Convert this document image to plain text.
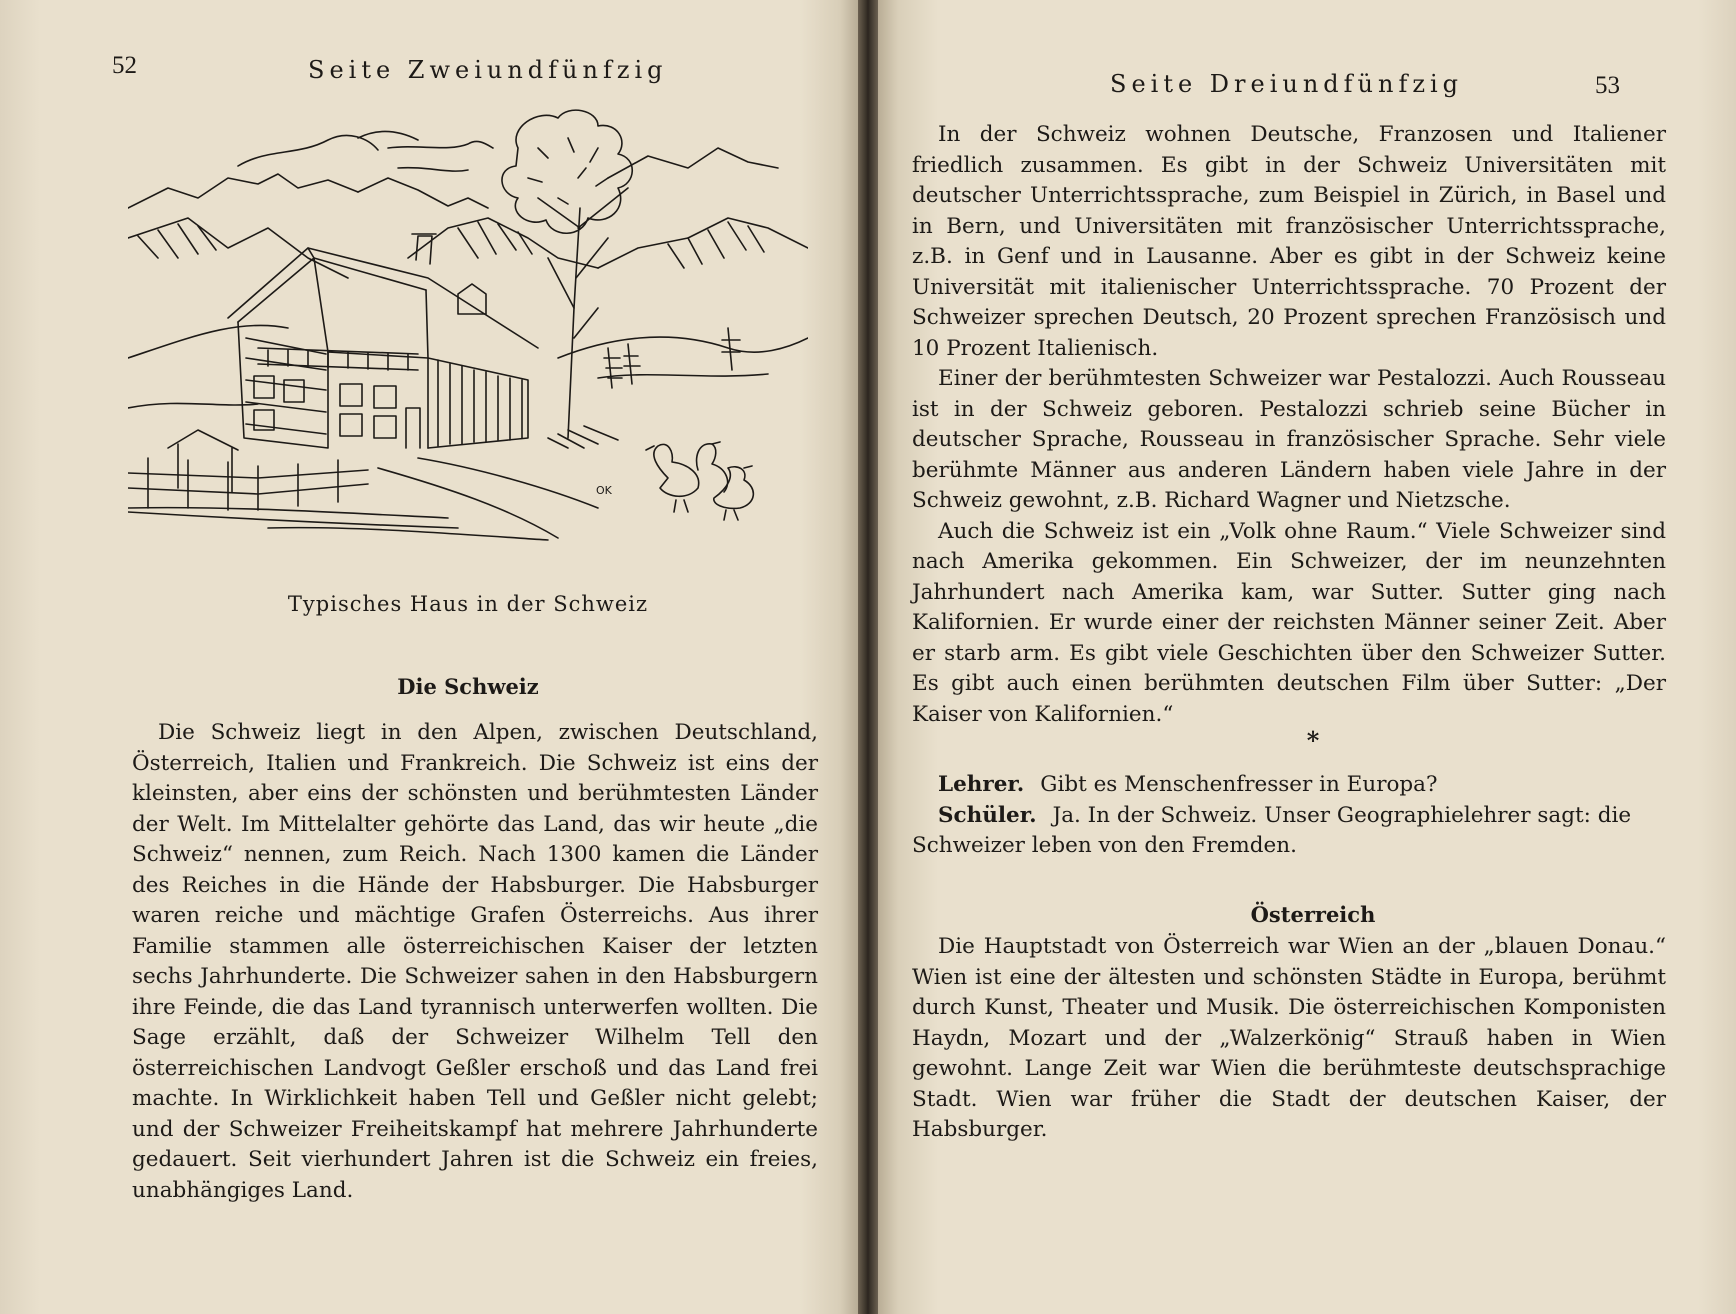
52	Seite Zweiundfünfzig
OK
Typisches Haus in der Schweiz
Die Schweiz

Die Schweiz liegt in den Alpen, zwischen Deutschland, Österreich, Italien und Frankreich. Die Schweiz ist eins der kleinsten, aber eins der schönsten und berühmtesten Länder der Welt. Im Mittelalter gehörte das Land, das wir heute „die Schweiz“ nennen, zum Reich. Nach 1300 kamen die Länder des Reiches in die Hände der Habsburger. Die Habsburger waren reiche und mächtige Grafen Österreichs. Aus ihrer Familie stammen alle österreichischen Kaiser der letzten sechs Jahrhunderte. Die Schweizer sahen in den Habsburgern ihre Feinde, die das Land tyrannisch unterwerfen wollten. Die Sage erzählt, daß der Schweizer Wilhelm Tell den österreichischen Landvogt Geßler erschoß und das Land frei machte. In Wirklichkeit haben Tell und Geßler nicht gelebt; und der Schweizer Freiheitskampf hat mehrere Jahrhunderte gedauert. Seit vierhundert Jahren ist die Schweiz ein freies, unabhängiges Land.

Seite Dreiundfünfzig	53

In der Schweiz wohnen Deutsche, Franzosen und Italiener friedlich zusammen. Es gibt in der Schweiz Universitäten mit deutscher Unterrichtssprache, zum Beispiel in Zürich, in Basel und in Bern, und Universitäten mit französischer Unterrichtssprache, z.B. in Genf und in Lausanne. Aber es gibt in der Schweiz keine Universität mit italienischer Unterrichtssprache. 70 Prozent der Schweizer sprechen Deutsch, 20 Prozent sprechen Französisch und 10 Prozent Italienisch.

Einer der berühmtesten Schweizer war Pestalozzi. Auch Rousseau ist in der Schweiz geboren. Pestalozzi schrieb seine Bücher in deutscher Sprache, Rousseau in französischer Sprache. Sehr viele berühmte Männer aus anderen Ländern haben viele Jahre in der Schweiz gewohnt, z.B. Richard Wagner und Nietzsche.

Auch die Schweiz ist ein „Volk ohne Raum.“ Viele Schweizer sind nach Amerika gekommen. Ein Schweizer, der im neunzehnten Jahrhundert nach Amerika kam, war Sutter. Sutter ging nach Kalifornien. Er wurde einer der reichsten Männer seiner Zeit. Aber er starb arm. Es gibt viele Geschichten über den Schweizer Sutter. Es gibt auch einen berühmten deutschen Film über Sutter: „Der Kaiser von Kalifornien.“

*
Lehrer. Gibt es Menschenfresser in Europa?
Schüler. Ja. In der Schweiz. Unser Geographielehrer sagt: die Schweizer leben von den Fremden.
Österreich

Die Hauptstadt von Österreich war Wien an der „blauen Donau.“ Wien ist eine der ältesten und schönsten Städte in Europa, berühmt durch Kunst, Theater und Musik. Die österreichischen Komponisten Haydn, Mozart und der „Walzerkönig“ Strauß haben in Wien gewohnt. Lange Zeit war Wien die berühmteste deutschsprachige Stadt. Wien war früher die Stadt der deutschen Kaiser, der Habsburger.
